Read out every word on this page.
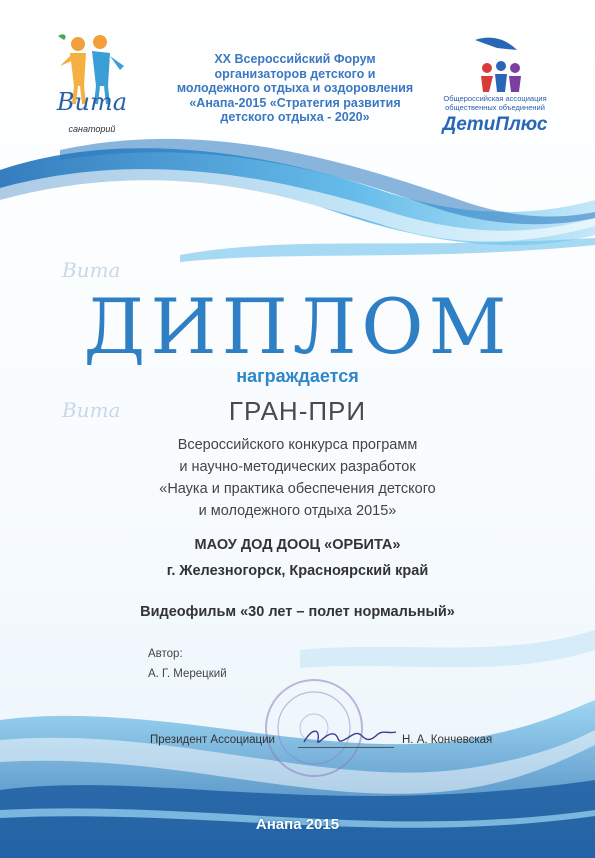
Вита
санаторий
Вита
Вита
XX Всероссийский Форум
организаторов детского и
молодежного отдыха и оздоровления
«Анапа-2015 «Стратегия развития
детского отдыха - 2020»
Общероссийская ассоциация
общественных объединений
ДетиПлюс
ДИПЛОМ
награждается
ГРАН-ПРИ
Всероссийского конкурса программ
и научно-методических разработок
«Наука и практика обеспечения детского
и молодежного отдыха 2015»
МАОУ ДОД ДООЦ «ОРБИТА»
г. Железногорск, Красноярский край
Видеофильм «30 лет – полет нормальный»
Автор:
А. Г. Мерецкий
Президент Ассоциации	Н. А. Кончевская
Анапа 2015
